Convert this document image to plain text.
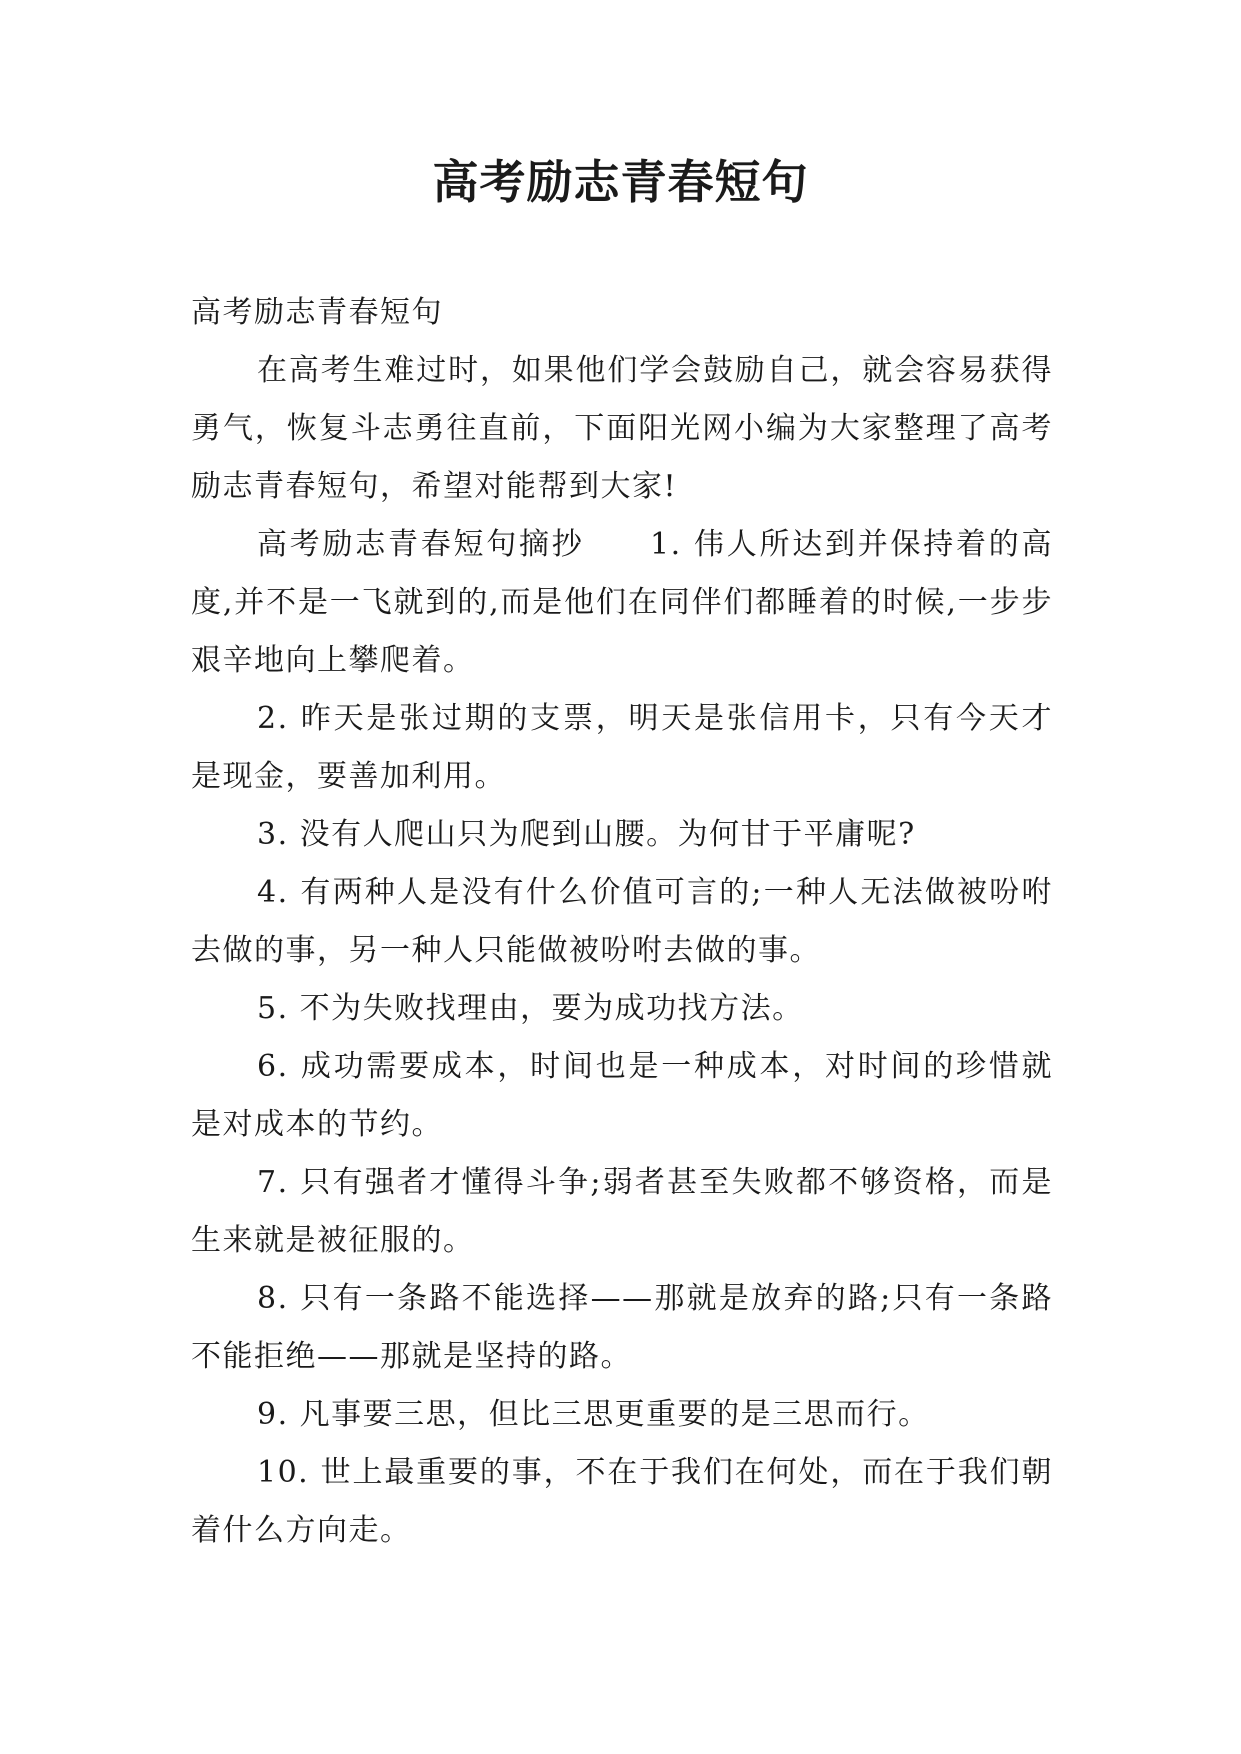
高考励志青春短句

高考励志青春短句

在高考生难过时，如果他们学会鼓励自己，就会容易获得勇气，恢复斗志勇往直前，下面阳光网小编为大家整理了高考励志青春短句，希望对能帮到大家!

高考励志青春短句摘抄　　1. 伟人所达到并保持着的高度,并不是一飞就到的,而是他们在同伴们都睡着的时候,一步步艰辛地向上攀爬着。

2. 昨天是张过期的支票，明天是张信用卡，只有今天才是现金，要善加利用。

3. 没有人爬山只为爬到山腰。为何甘于平庸呢?

4. 有两种人是没有什么价值可言的;一种人无法做被吩咐去做的事，另一种人只能做被吩咐去做的事。

5. 不为失败找理由，要为成功找方法。

6. 成功需要成本，时间也是一种成本，对时间的珍惜就是对成本的节约。

7. 只有强者才懂得斗争;弱者甚至失败都不够资格，而是生来就是被征服的。

8. 只有一条路不能选择——那就是放弃的路;只有一条路不能拒绝——那就是坚持的路。

9. 凡事要三思，但比三思更重要的是三思而行。

10. 世上最重要的事，不在于我们在何处，而在于我们朝着什么方向走。
